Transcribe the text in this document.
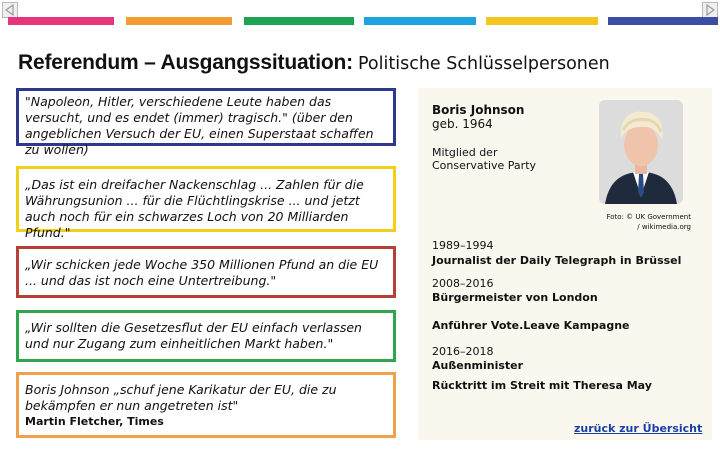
Referendum – Ausgangssituation: Politische Schlüsselpersonen
"Napoleon, Hitler, verschiedene Leute haben das versucht, und es endet (immer) tragisch." (über den angeblichen Versuch der EU, einen Superstaat schaffen zu wollen)
„Das ist ein dreifacher Nackenschlag ... Zahlen für die Währungsunion ... für die Flüchtlingskrise ... und jetzt auch noch für ein schwarzes Loch von 20 Milliarden Pfund."
„Wir schicken jede Woche 350 Millionen Pfund an die EU ... und das ist noch eine Untertreibung."
„Wir sollten die Gesetzesflut der EU einfach verlassen und nur Zugang zum einheitlichen Markt haben."
Boris Johnson „schuf jene Karikatur der EU, die zu bekämpfen er nun angetreten ist"
Martin Fletcher, Times
Boris Johnson
geb. 1964
Mitglied der
Conservative Party
Foto: © UK Government
/ wikimedia.org
1989–1994
Journalist der Daily Telegraph in Brüssel
2008–2016
Bürgermeister von London
Anführer Vote.Leave Kampagne
2016–2018
Außenminister
Rücktritt im Streit mit Theresa May
zurück zur Übersicht
